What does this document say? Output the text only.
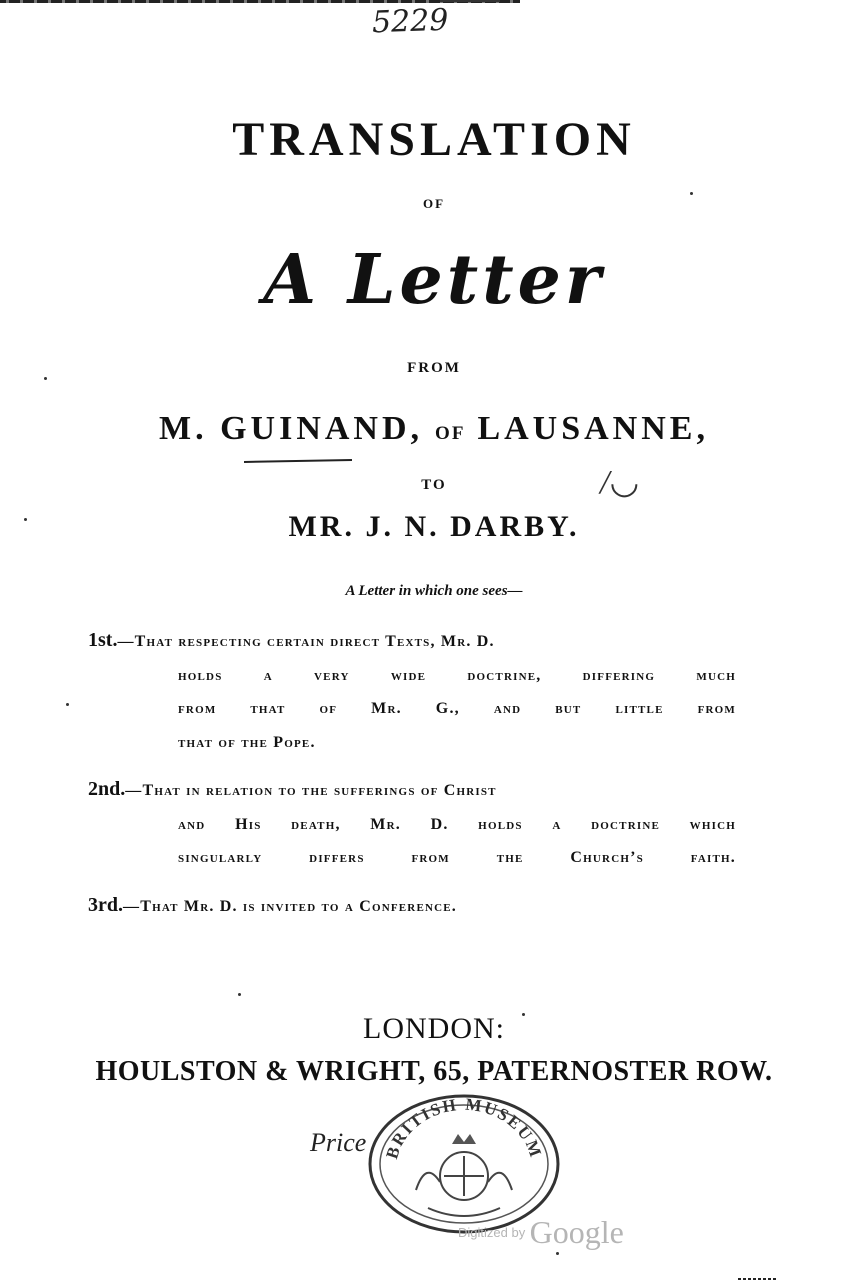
5229
TRANSLATION
OF
A Letter
FROM
M. GUINAND, OF LAUSANNE,
/◡
TO
MR. J. N. DARBY.
A Letter in which one sees—
1st.—That respecting certain direct Texts, Mr. D.
holds a very wide doctrine, differing much
from that of Mr. G., and but little from
that of the Pope.
2nd.—That in relation to the sufferings of Christ
and His death, Mr. D. holds a doctrine which
singularly differs from the Church’s faith.
3rd.—That Mr. D. is invited to a Conference.
LONDON:
HOULSTON & WRIGHT, 65, PATERNOSTER ROW.
Price BRITISH MUSEUM
Digitized by Google
